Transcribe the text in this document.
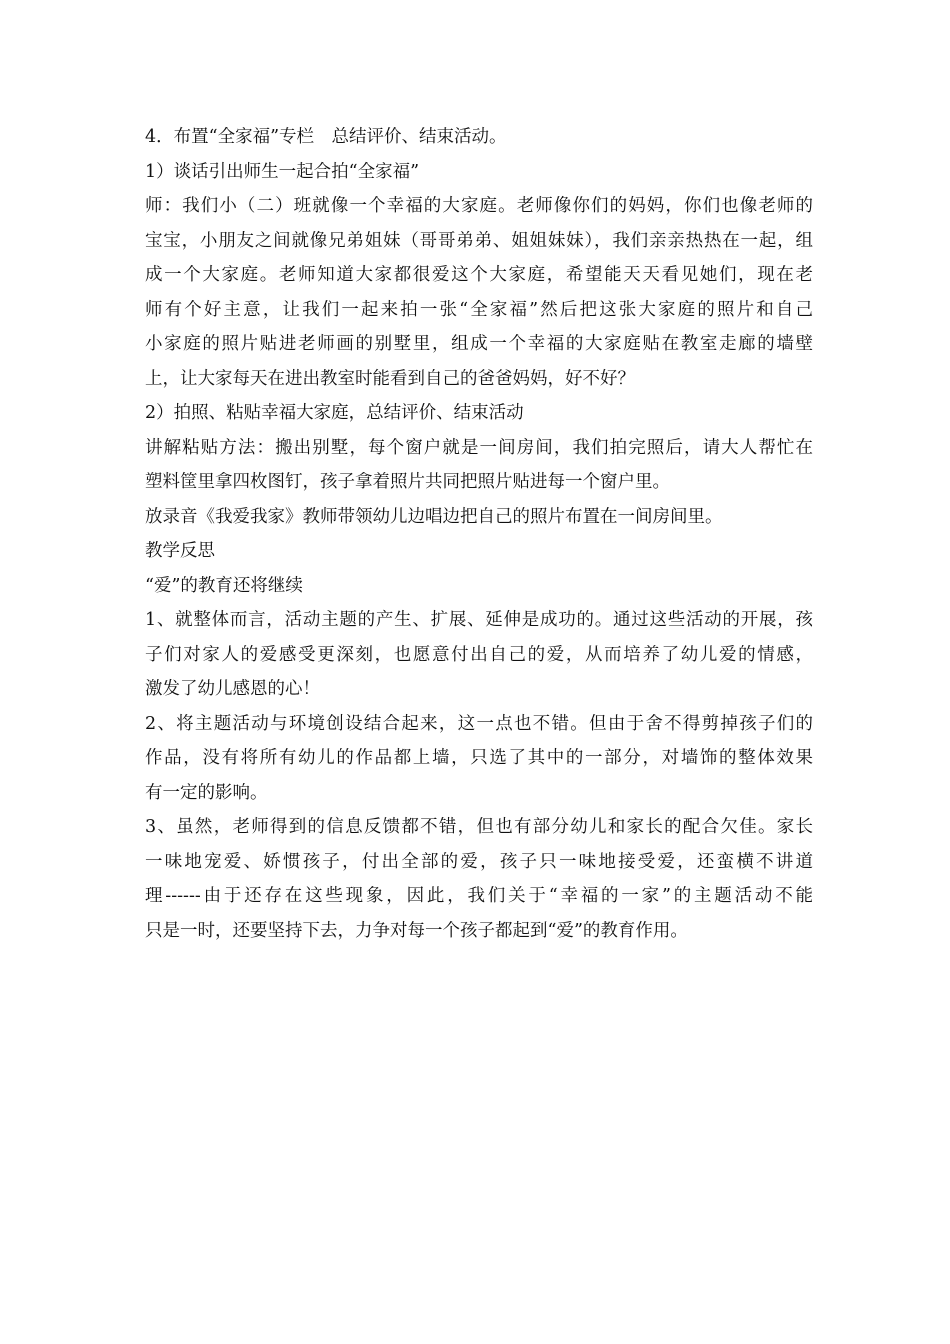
4．布置“全家福”专栏　总结评价、结束活动。
1）谈话引出师生一起合拍“全家福”
师：我们小（二）班就像一个幸福的大家庭。老师像你们的妈妈，你们也像老师的
宝宝，小朋友之间就像兄弟姐妹（哥哥弟弟、姐姐妹妹），我们亲亲热热在一起，组
成一个大家庭。老师知道大家都很爱这个大家庭，希望能天天看见她们，现在老
师有个好主意，让我们一起来拍一张“全家福”然后把这张大家庭的照片和自己
小家庭的照片贴进老师画的别墅里，组成一个幸福的大家庭贴在教室走廊的墙壁
上，让大家每天在进出教室时能看到自己的爸爸妈妈，好不好？
2）拍照、粘贴幸福大家庭，总结评价、结束活动
讲解粘贴方法：搬出别墅，每个窗户就是一间房间，我们拍完照后，请大人帮忙在
塑料筐里拿四枚图钉，孩子拿着照片共同把照片贴进每一个窗户里。
放录音《我爱我家》教师带领幼儿边唱边把自己的照片布置在一间房间里。
教学反思
“爱”的教育还将继续
1、就整体而言，活动主题的产生、扩展、延伸是成功的。通过这些活动的开展，孩
子们对家人的爱感受更深刻，也愿意付出自己的爱，从而培养了幼儿爱的情感，
激发了幼儿感恩的心！
2、将主题活动与环境创设结合起来，这一点也不错。但由于舍不得剪掉孩子们的
作品，没有将所有幼儿的作品都上墙，只选了其中的一部分，对墙饰的整体效果
有一定的影响。
3、虽然，老师得到的信息反馈都不错，但也有部分幼儿和家长的配合欠佳。家长
一味地宠爱、娇惯孩子，付出全部的爱，孩子只一味地接受爱，还蛮横不讲道
理------由于还存在这些现象，因此，我们关于“幸福的一家”的主题活动不能
只是一时，还要坚持下去，力争对每一个孩子都起到“爱”的教育作用。
